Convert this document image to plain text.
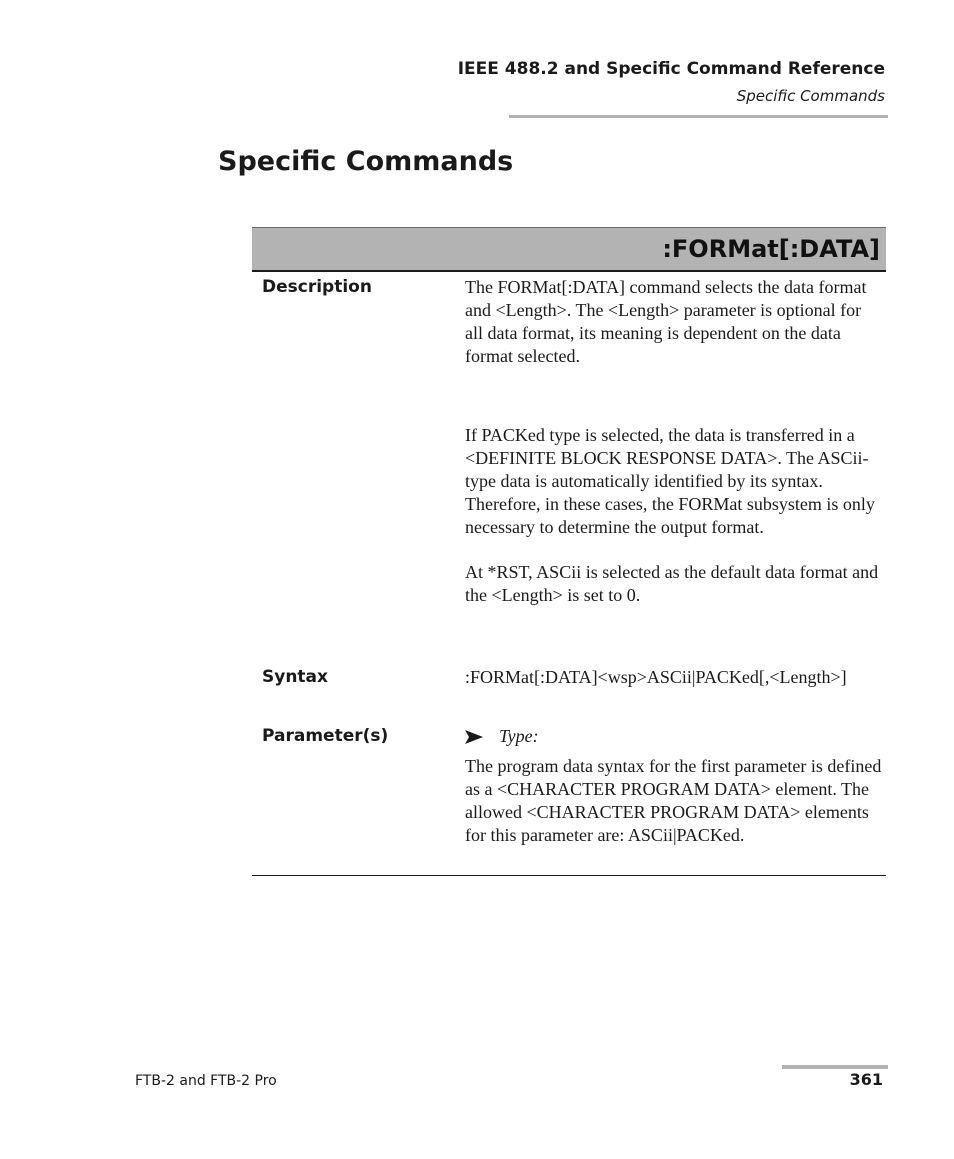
IEEE 488.2 and Specific Command Reference
Specific Commands
Specific Commands
:FORMat[:DATA]
Description	The FORMat[:DATA] command selects the data format and <Length>. The <Length> parameter is optional for all data format, its meaning is dependent on the data format selected.

If PACKed type is selected, the data is transferred in a <DEFINITE BLOCK RESPONSE DATA>. The ASCii-type data is automatically identified by its syntax. Therefore, in these cases, the FORMat subsystem is only necessary to determine the output format.

At *RST, ASCii is selected as the default data format and the <Length> is set to 0.

Syntax	:FORMat[:DATA]<wsp>ASCii|PACKed[,<Length>]
Parameter(s)	Type:

The program data syntax for the first parameter is defined as a <CHARACTER PROGRAM DATA> element. The allowed <CHARACTER PROGRAM DATA> elements for this parameter are: ASCii|PACKed.

FTB-2 and FTB-2 Pro	361
